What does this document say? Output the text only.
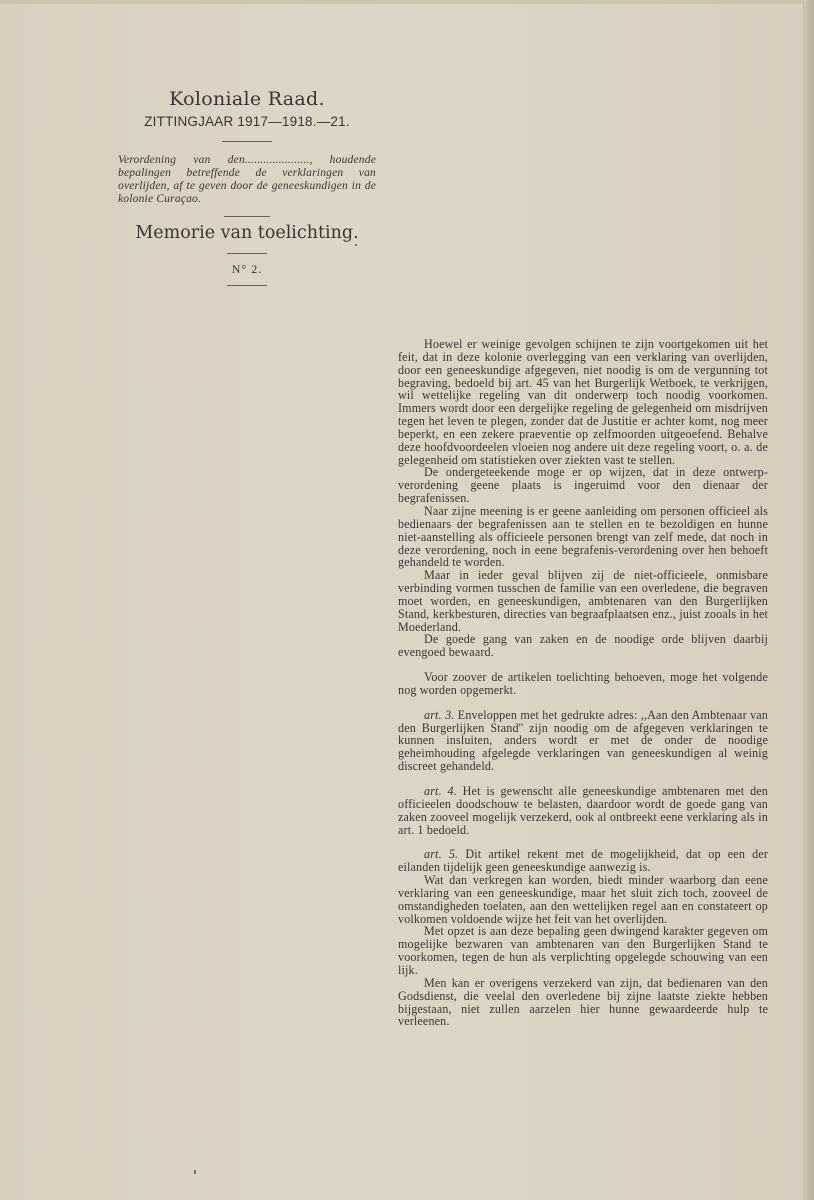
Koloniale Raad.
ZITTINGJAAR 1917—1918.—21.
Verordening van den....................., houdende bepalingen betreffende de verklaringen van overlijden, af te geven door de geneeskundigen in de kolonie Curaçao.
Memorie van toelichting.
N° 2.

Hoewel er weinige gevolgen schijnen te zijn voortgekomen uit het feit, dat in deze kolonie overlegging van een verklaring van overlijden, door een geneeskundige afgegeven, niet noodig is om de vergunning tot begraving, bedoeld bij art. 45 van het Burgerlijk Wetboek, te verkrijgen, wil wettelijke regeling van dit onderwerp toch noodig voorkomen. Immers wordt door een dergelijke regeling de gelegenheid om misdrijven tegen het leven te plegen, zonder dat de Justitie er achter komt, nog meer beperkt, en een zekere praeventie op zelfmoorden uitgeoefend. Behalve deze hoofdvoordeelen vloeien nog andere uit deze regeling voort, o. a. de gelegenheid om statistieken over ziekten vast te stellen.

De ondergeteekende moge er op wijzen, dat in deze ontwerp-verordening geene plaats is ingeruimd voor den dienaar der begrafenissen.

Naar zijne meening is er geene aanleiding om personen officieel als bedienaars der begrafenissen aan te stellen en te bezoldigen en hunne niet-aanstelling als officieele personen brengt van zelf mede, dat noch in deze verordening, noch in eene begrafenis-verordening over hen behoeft gehandeld te worden.

Maar in ieder geval blijven zij de niet-officieele, onmisbare verbinding vormen tusschen de familie van een overledene, die begraven moet worden, en geneeskundigen, ambtenaren van den Burgerlijken Stand, kerkbesturen, directies van begraafplaatsen enz., juist zooals in het Moederland.

De goede gang van zaken en de noodige orde blijven daarbij evengoed bewaard.

Voor zoover de artikelen toelichting behoeven, moge het volgende nog worden opgemerkt.

art. 3. Enveloppen met het gedrukte adres: ,,Aan den Ambtenaar van den Burgerlijken Stand'' zijn noodig om de afgegeven verklaringen te kunnen insluiten, anders wordt er met de onder de noodige geheimhouding afgelegde verklaringen van geneeskundigen al weinig discreet gehandeld.

art. 4. Het is gewenscht alle geneeskundige ambtenaren met den officieelen doodschouw te belasten, daardoor wordt de goede gang van zaken zooveel mogelijk verzekerd, ook al ontbreekt eene verklaring als in art. 1 bedoeld.

art. 5. Dit artikel rekent met de mogelijkheid, dat op een der eilanden tijdelijk geen geneeskundige aanwezig is.

Wat dan verkregen kan worden, biedt minder waarborg dan eene verklaring van een geneeskundige, maar het sluit zich toch, zooveel de omstandigheden toelaten, aan den wettelijken regel aan en constateert op volkomen voldoende wijze het feit van het overlijden.

Met opzet is aan deze bepaling geen dwingend karakter gegeven om mogelijke bezwaren van ambtenaren van den Burgerlijken Stand te voorkomen, tegen de hun als verplichting opgelegde schouwing van een lijk.

Men kan er overigens verzekerd van zijn, dat bedienaren van den Godsdienst, die veelal den overledene bij zijne laatste ziekte hebben bijgestaan, niet zullen aarzelen hier hunne gewaardeerde hulp te verleenen.
